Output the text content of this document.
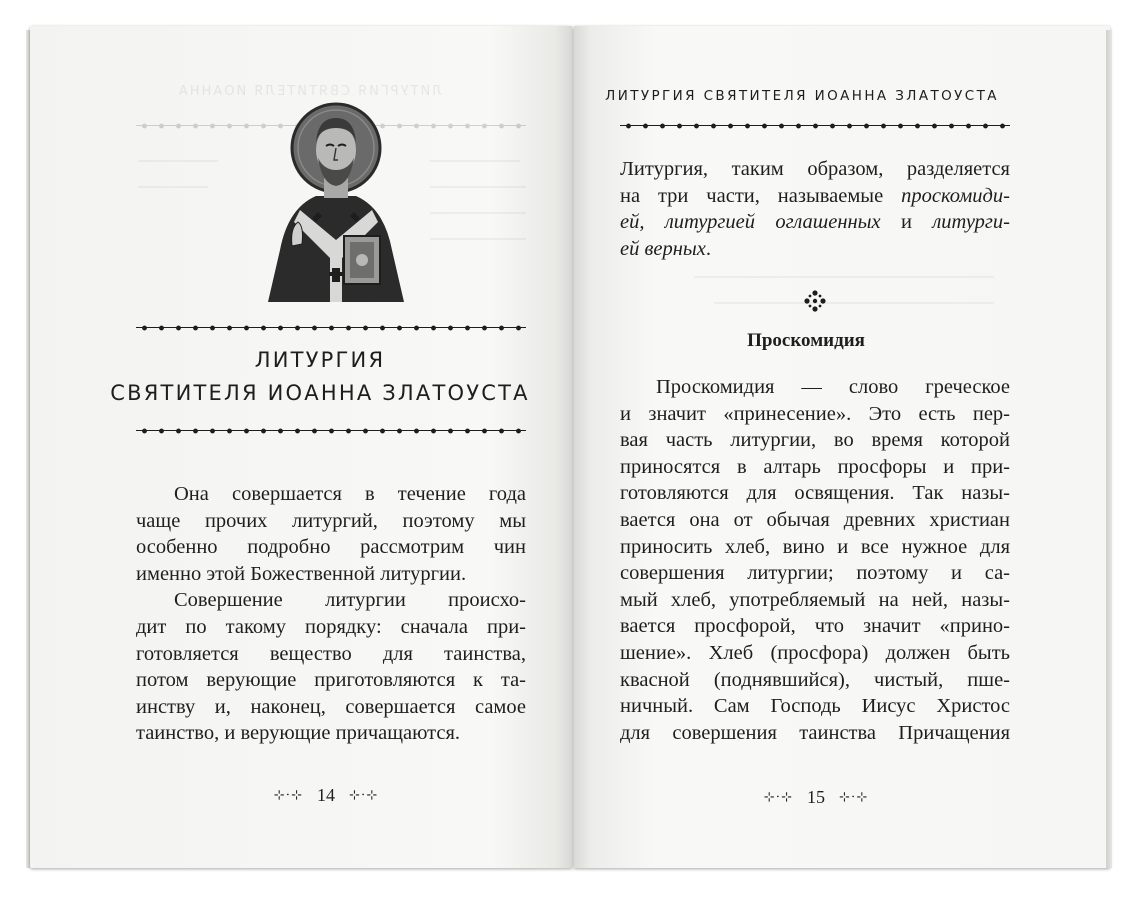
ЛИТУРГИЯ СВЯТИТЕЛЯ ИОАННА
ЛИТУРГИЯ
СВЯТИТЕЛЯ ИОАННА ЗЛАТОУСТА
Она совершается в течение года
чаще прочих литургий, поэтому мы
особенно подробно рассмотрим чин
именно этой Божественной литургии.
Совершение литургии происхо-
дит по такому порядку: сначала при-
готовляется вещество для таинства,
потом верующие приготовляются к та-
инству и, наконец, совершается самое
таинство, и верующие причащаются.
⊹⋅⊹ 14 ⊹⋅⊹
ЛИТУРГИЯ СВЯТИТЕЛЯ ИОАННА ЗЛАТОУСТА
Литургия, таким образом, разделяется
на три части, называемые проскомиди-
ей, литургией оглашенных и литурги-
ей верных.
Проскомидия
Проскомидия — слово греческое
и значит «принесение». Это есть пер-
вая часть литургии, во время которой
приносятся в алтарь просфоры и при-
готовляются для освящения. Так назы-
вается она от обычая древних христиан
приносить хлеб, вино и все нужное для
совершения литургии; поэтому и са-
мый хлеб, употребляемый на ней, назы-
вается просфорой, что значит «прино-
шение». Хлеб (просфора) должен быть
квасной (поднявшийся), чистый, пше-
ничный. Сам Господь Иисус Христос
для совершения таинства Причащения
⊹⋅⊹ 15 ⊹⋅⊹
